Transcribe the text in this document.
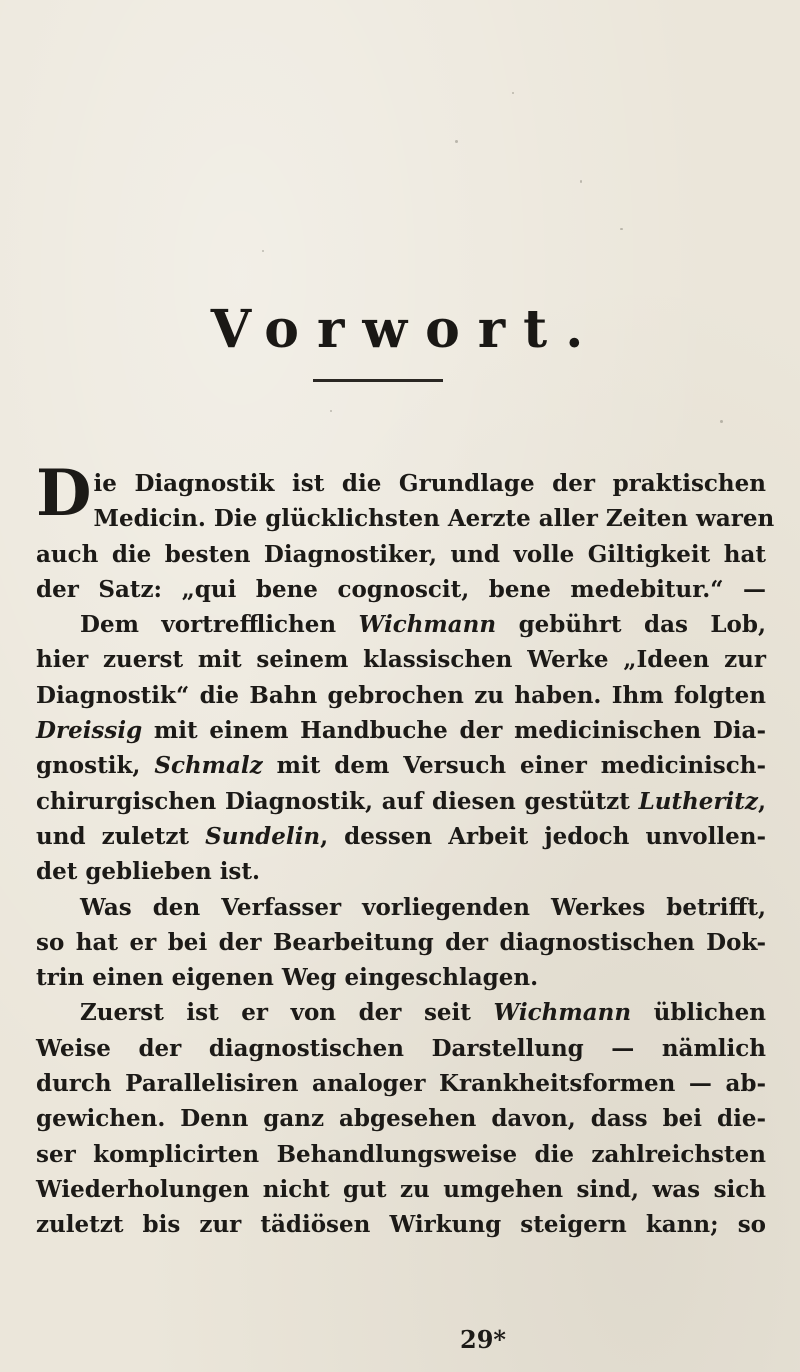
Vorwort.
D ie Diagnostik ist die Grundlage der praktischen
Medicin. Die glücklichsten Aerzte aller Zeiten waren
auch die besten Diagnostiker, und volle Giltigkeit hat
der Satz: „qui bene cognoscit, bene medebitur.“ —
Dem vortrefflichen Wichmann gebührt das Lob,
hier zuerst mit seinem klassischen Werke „Ideen zur
Diagnostik“ die Bahn gebrochen zu haben. Ihm folgten
Dreissig mit einem Handbuche der medicinischen Dia-
gnostik, Schmalz mit dem Versuch einer medicinisch-
chirurgischen Diagnostik, auf diesen gestützt Lutheritz,
und zuletzt Sundelin, dessen Arbeit jedoch unvollen-
det geblieben ist.
Was den Verfasser vorliegenden Werkes betrifft,
so hat er bei der Bearbeitung der diagnostischen Dok-
trin einen eigenen Weg eingeschlagen.
Zuerst ist er von der seit Wichmann üblichen
Weise der diagnostischen Darstellung — nämlich
durch Parallelisiren analoger Krankheitsformen — ab-
gewichen. Denn ganz abgesehen davon, dass bei die-
ser komplicirten Behandlungsweise die zahlreichsten
Wiederholungen nicht gut zu umgehen sind, was sich
zuletzt bis zur tädiösen Wirkung steigern kann; so
29*
